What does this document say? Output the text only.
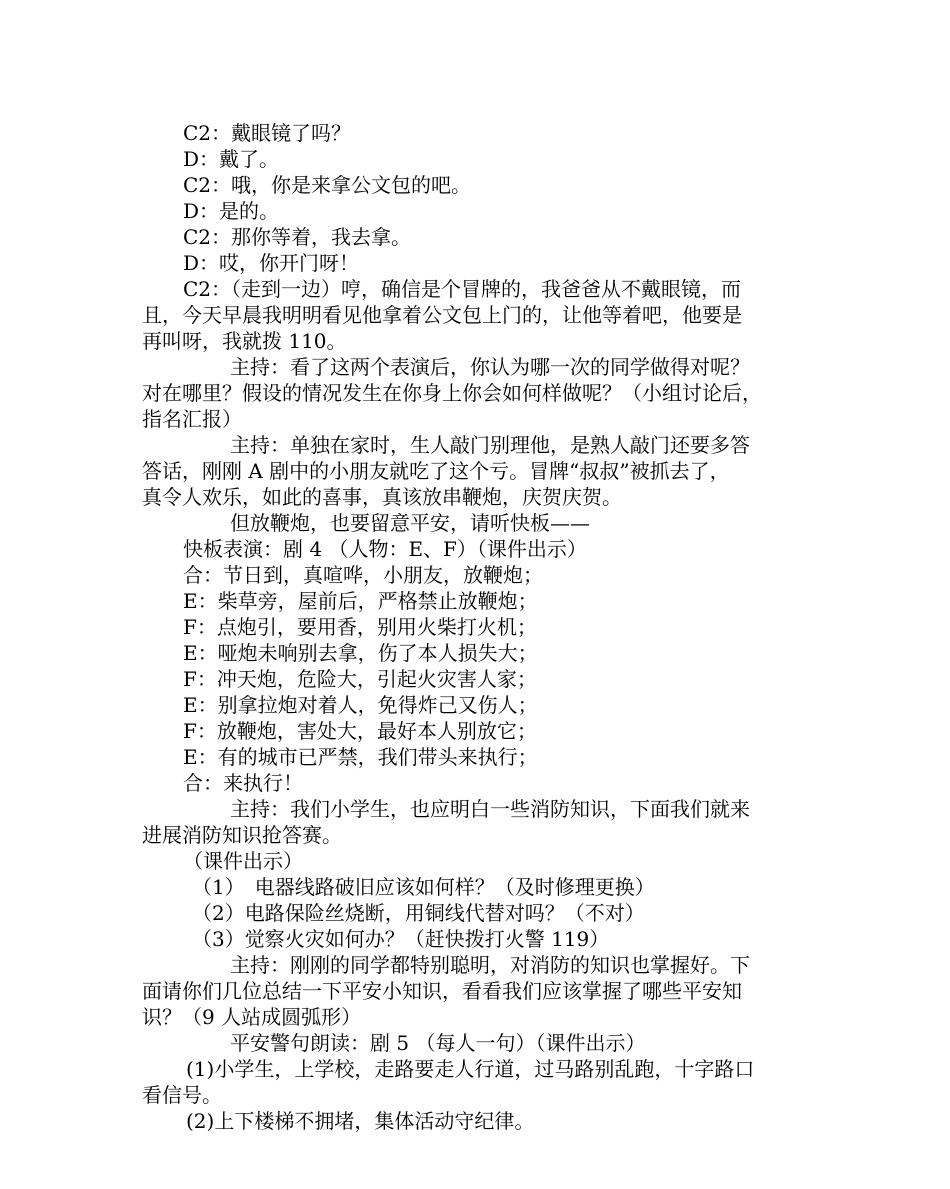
C2：戴眼镜了吗？
D：戴了。
C2：哦，你是来拿公文包的吧。
D：是的。
C2：那你等着，我去拿。
D：哎，你开门呀！
C2：（走到一边）哼，确信是个冒牌的，我爸爸从不戴眼镜，而
且，今天早晨我明明看见他拿着公文包上门的，让他等着吧，他要是
再叫呀，我就拨 110。
主持：看了这两个表演后，你认为哪一次的同学做得对呢？
对在哪里？假设的情况发生在你身上你会如何样做呢？（小组讨论后，
指名汇报）
主持：单独在家时，生人敲门别理他，是熟人敲门还要多答
答话，刚刚 A 剧中的小朋友就吃了这个亏。冒牌“叔叔”被抓去了，
真令人欢乐，如此的喜事，真该放串鞭炮，庆贺庆贺。
但放鞭炮，也要留意平安，请听快板——
快板表演：剧 4 （人物：E、F）（课件出示）
合：节日到，真喧哗，小朋友，放鞭炮；
E：柴草旁，屋前后，严格禁止放鞭炮；
F：点炮引，要用香，别用火柴打火机；
E：哑炮未响别去拿，伤了本人损失大；
F：冲天炮，危险大，引起火灾害人家；
E：别拿拉炮对着人，免得炸己又伤人；
F：放鞭炮，害处大，最好本人别放它；
E：有的城市已严禁，我们带头来执行；
合：来执行！
主持：我们小学生，也应明白一些消防知识，下面我们就来
进展消防知识抢答赛。
（课件出示）
（1）　电器线路破旧应该如何样？（及时修理更换）
（2）电路保险丝烧断，用铜线代替对吗？（不对）
（3）觉察火灾如何办？（赶快拨打火警 119）
主持：刚刚的同学都特别聪明，对消防的知识也掌握好。下
面请你们几位总结一下平安小知识，看看我们应该掌握了哪些平安知
识？（9 人站成圆弧形）
平安警句朗读：剧 5 （每人一句）（课件出示）
(1)小学生，上学校，走路要走人行道，过马路别乱跑，十字路口
看信号。
(2)上下楼梯不拥堵，集体活动守纪律。
